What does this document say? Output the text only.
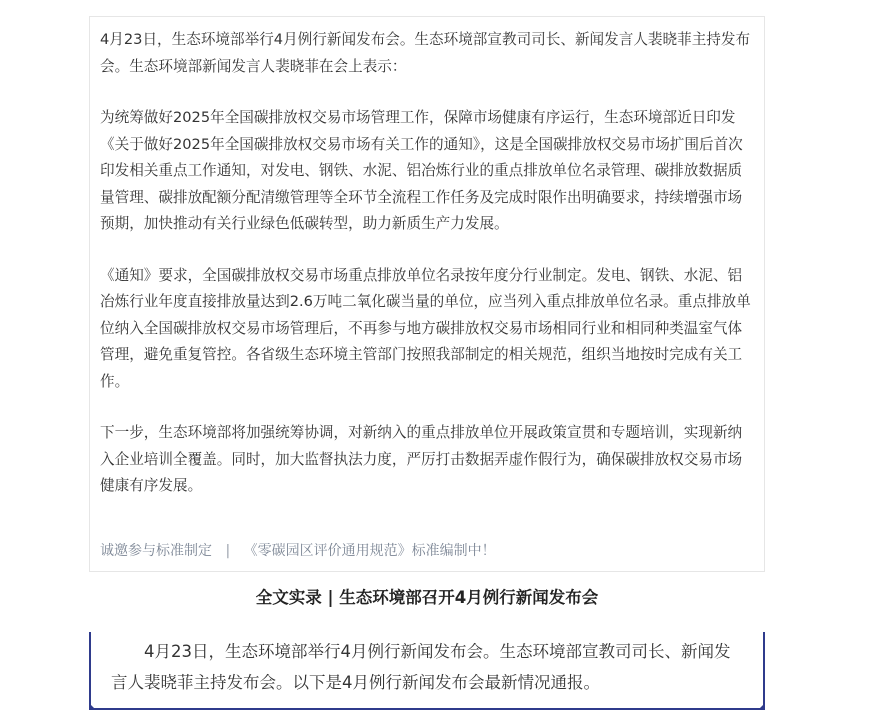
4月23日，生态环境部举行4月例行新闻发布会。生态环境部宣教司司长、新闻发言人裴晓菲主持发布会。生态环境部新闻发言人裴晓菲在会上表示：

为统筹做好2025年全国碳排放权交易市场管理工作，保障市场健康有序运行，生态环境部近日印发《关于做好2025年全国碳排放权交易市场有关工作的通知》，这是全国碳排放权交易市场扩围后首次印发相关重点工作通知，对发电、钢铁、水泥、铝冶炼行业的重点排放单位名录管理、碳排放数据质量管理、碳排放配额分配清缴管理等全环节全流程工作任务及完成时限作出明确要求，持续增强市场预期，加快推动有关行业绿色低碳转型，助力新质生产力发展。

《通知》要求，全国碳排放权交易市场重点排放单位名录按年度分行业制定。发电、钢铁、水泥、铝冶炼行业年度直接排放量达到2.6万吨二氧化碳当量的单位，应当列入重点排放单位名录。重点排放单位纳入全国碳排放权交易市场管理后，不再参与地方碳排放权交易市场相同行业和相同种类温室气体管理，避免重复管控。各省级生态环境主管部门按照我部制定的相关规范，组织当地按时完成有关工作。

下一步，生态环境部将加强统筹协调，对新纳入的重点排放单位开展政策宣贯和专题培训，实现新纳入企业培训全覆盖。同时，加大监督执法力度，严厉打击数据弄虚作假行为，确保碳排放权交易市场健康有序发展。

诚邀参与标准制定 | 《零碳园区评价通用规范》标准编制中！
全文实录 | 生态环境部召开4月例行新闻发布会

4月23日，生态环境部举行4月例行新闻发布会。生态环境部宣教司司长、新闻发言人裴晓菲主持发布会。以下是4月例行新闻发布会最新情况通报。
